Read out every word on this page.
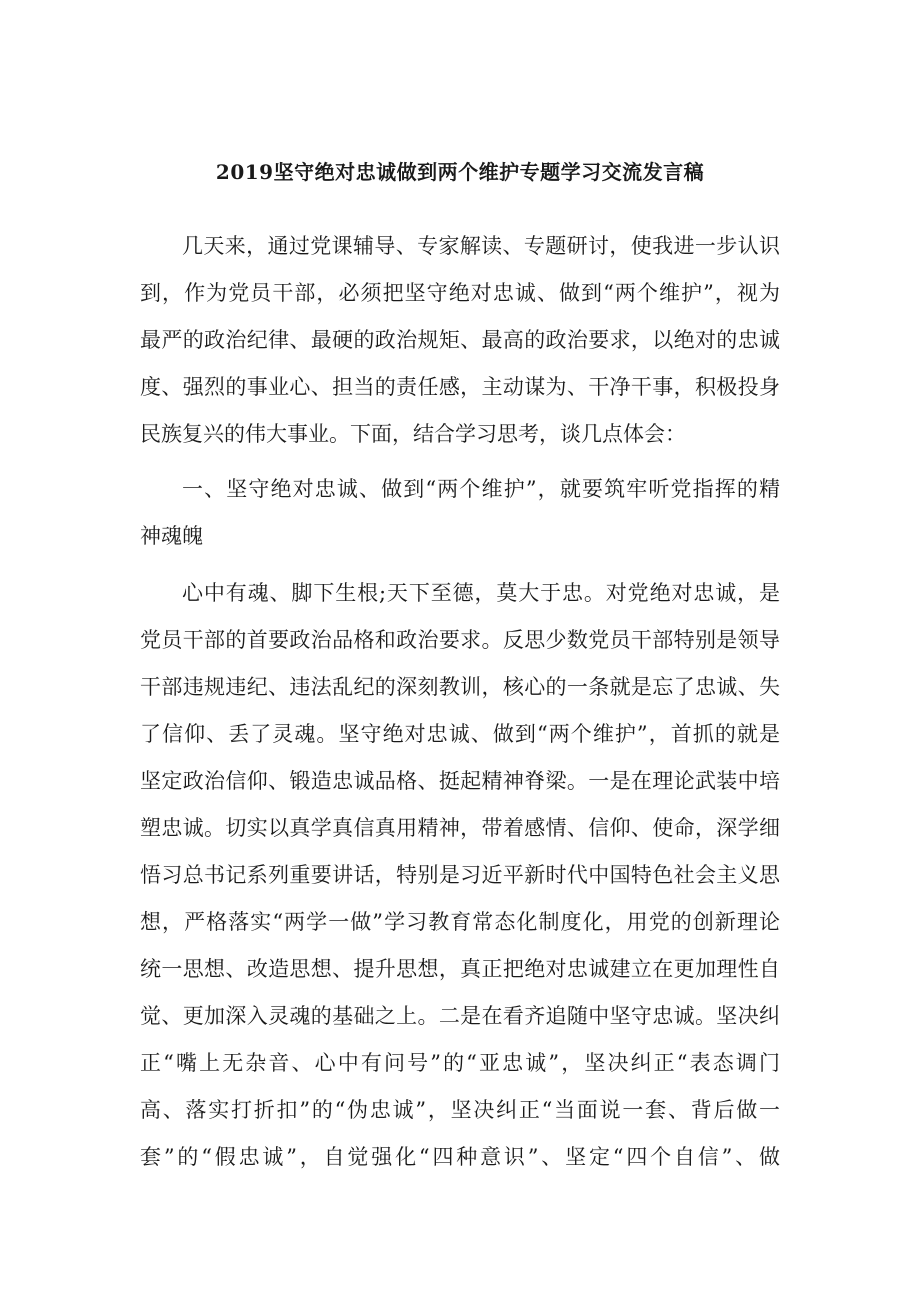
2019坚守绝对忠诚做到两个维护专题学习交流发言稿
几天来，通过党课辅导、专家解读、专题研讨，使我进一步认识
到，作为党员干部，必须把坚守绝对忠诚、做到“两个维护”，视为
最严的政治纪律、最硬的政治规矩、最高的政治要求，以绝对的忠诚
度、强烈的事业心、担当的责任感，主动谋为、干净干事，积极投身
民族复兴的伟大事业。下面，结合学习思考，谈几点体会：
一、坚守绝对忠诚、做到“两个维护”，就要筑牢听党指挥的精
神魂魄
心中有魂、脚下生根;天下至德，莫大于忠。对党绝对忠诚，是
党员干部的首要政治品格和政治要求。反思少数党员干部特别是领导
干部违规违纪、违法乱纪的深刻教训，核心的一条就是忘了忠诚、失
了信仰、丢了灵魂。坚守绝对忠诚、做到“两个维护”，首抓的就是
坚定政治信仰、锻造忠诚品格、挺起精神脊梁。一是在理论武装中培
塑忠诚。切实以真学真信真用精神，带着感情、信仰、使命，深学细
悟习总书记系列重要讲话，特别是习近平新时代中国特色社会主义思
想，严格落实“两学一做”学习教育常态化制度化，用党的创新理论
统一思想、改造思想、提升思想，真正把绝对忠诚建立在更加理性自
觉、更加深入灵魂的基础之上。二是在看齐追随中坚守忠诚。坚决纠
正“嘴上无杂音、心中有问号”的“亚忠诚”，坚决纠正“表态调门
高、落实打折扣”的“伪忠诚”，坚决纠正“当面说一套、背后做一
套”的“假忠诚”，自觉强化“四种意识”、坚定“四个自信”、做
